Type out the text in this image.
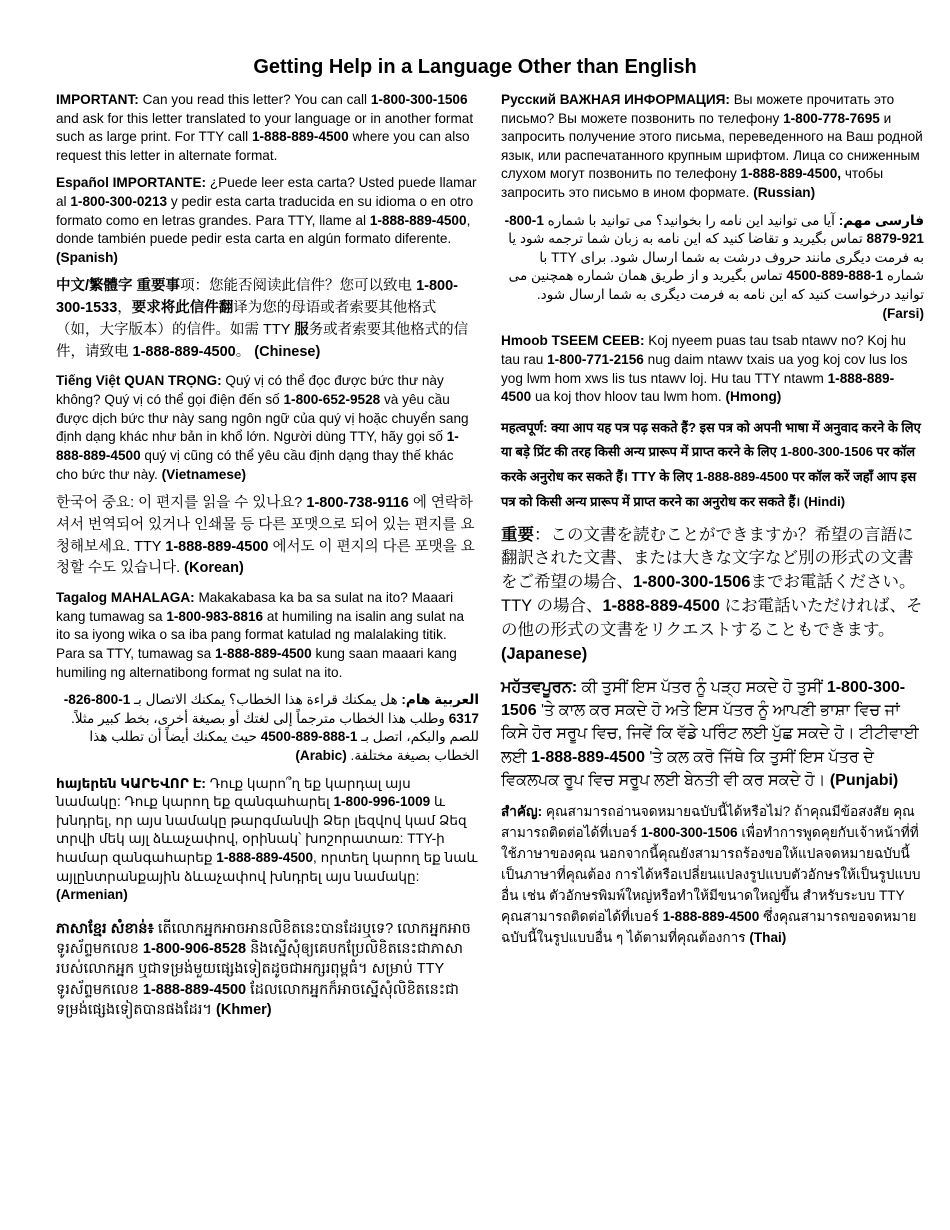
Getting Help in a Language Other than English
IMPORTANT: Can you read this letter? You can call 1-800-300-1506 and ask for this letter translated to your language or in another format such as large print. For TTY call 1-888-889-4500 where you can also request this letter in alternate format.
Español IMPORTANTE: ¿Puede leer esta carta? Usted puede llamar al 1-800-300-0213 y pedir esta carta traducida en su idioma o en otro formato como en letras grandes. Para TTY, llame al 1-888-889-4500, donde también puede pedir esta carta en algún formato diferente. (Spanish)
中文/繁體字 重要事项：您能否阅读此信件？您可以致电 1-800-300-1533，要求将此信件翻译为您的母语或者索要其他格式（如，大字版本）的信件。如需 TTY 服务或者索要其他格式的信件，请致电 1-888-889-4500。 (Chinese)
Tiếng Việt QUAN TRỌNG: Quý vị có thể đọc được bức thư này không? Quý vị có thể gọi điện đến số 1-800-652-9528 và yêu cầu được dịch bức thư này sang ngôn ngữ của quý vị hoặc chuyển sang định dạng khác như bản in khổ lớn. Người dùng TTY, hãy gọi số 1-888-889-4500 quý vị cũng có thể yêu cầu định dạng thay thế khác cho bức thư này. (Vietnamese)
한국어 중요: 이 편지를 읽을 수 있나요? 1-800-738-9116 에 연락하셔서 번역되어 있거나 인쇄물 등 다른 포맷으로 되어 있는 편지를 요청해보세요. TTY 1-888-889-4500 에서도 이 편지의 다른 포맷을 요청할 수도 있습니다. (Korean)
Tagalog MAHALAGA: Makakabasa ka ba sa sulat na ito? Maaari kang tumawag sa 1-800-983-8816 at humiling na isalin ang sulat na ito sa iyong wika o sa iba pang format katulad ng malalaking titik. Para sa TTY, tumawag sa 1-888-889-4500 kung saan maaari kang humiling ng alternatibong format ng sulat na ito.
العربية هام: هل يمكنك قراءة هذا الخطاب؟ يمكنك الاتصال بـ 1-800-826-6317 وطلب هذا الخطاب مترجماً إلى لغتك أو بصيغة أخرى، بخط كبير مثلاً. للصم والبكم، اتصل بـ 1-888-889-4500 حيث يمكنك أيضاً أن تطلب هذا الخطاب بصيغة مختلفة. (Arabic)
հայերեն ԿԱՐԵՎՈՐ Է: Դուք կարո՞ղ եք կարդալ այս նամակը: Դուք կարող եք զանգահարել 1-800-996-1009 և խնդրել, որ այս նամակը թարգմանվի Ձեր լեզվով կամ Ձեզ տրվի մեկ այլ ձևաչափով, օրինակ՝ խոշորատառ: TTY-ի համար զանգահարեք 1-888-889-4500, որտեղ կարող եք նաև այլընտրանքային ձևաչափով խնդրել այս նամակը: (Armenian)
ភាសាខ្មែរ សំខាន់៖ តើលោកអ្នកអាចអានលិខិតនេះបានដែរឬទេ? លោកអ្នកអាចទូរស័ព្ទមកលេខ 1-800-906-8528 និងស្នើសុំឲ្យគេបកប្រែលិខិតនេះជាភាសារបស់លោកអ្នក ឬជាទម្រង់មួយផ្សេងទៀតដូចជាអក្សរពុម្ពធំ។ សម្រាប់ TTY ទូរស័ព្ទមកលេខ 1-888-889-4500 ដែលលោកអ្នកក៏អាចស្នើសុំលិខិតនេះជាទម្រង់ផ្សេងទៀតបានផងដែរ។ (Khmer)
Русский ВАЖНАЯ ИНФОРМАЦИЯ: Вы можете прочитать это письмо? Вы можете позвонить по телефону 1-800-778-7695 и запросить получение этого письма, переведенного на Ваш родной язык, или распечатанного крупным шрифтом. Лица со сниженным слухом могут позвонить по телефону 1-888-889-4500, чтобы запросить это письмо в ином формате. (Russian)
فارسی مهم: آیا می توانید این نامه را بخوانید؟ می توانید با شماره 1-800-921-8879 تماس بگیرید و تقاضا کنید که این نامه به زبان شما ترجمه شود یا به فرمت دیگری مانند حروف درشت به شما ارسال شود. برای TTY با شماره 1-888-889-4500 تماس بگیرید و از طریق همان شماره همچنین می توانید درخواست کنید که این نامه به فرمت دیگری به شما ارسال شود. (Farsi)
Hmoob TSEEM CEEB: Koj nyeem puas tau tsab ntawv no? Koj hu tau rau 1-800-771-2156 nug daim ntawv txais ua yog koj cov lus los yog lwm hom xws lis tus ntawv loj. Hu tau TTY ntawm 1-888-889-4500 ua koj thov hloov tau lwm hom. (Hmong)
महत्वपूर्ण: क्या आप यह पत्र पढ़ सकते हैं? इस पत्र को अपनी भाषा में अनुवाद करने के लिए या बड़े प्रिंट की तरह किसी अन्य प्रारूप में प्राप्त करने के लिए 1-800-300-1506 पर कॉल करके अनुरोध कर सकते हैं। TTY के लिए 1-888-889-4500 पर कॉल करें जहाँ आप इस पत्र को किसी अन्य प्रारूप में प्राप्त करने का अनुरोध कर सकते हैं। (Hindi)
重要：この文書を読むことができますか？希望の言語に翻訳された文書、または大きな文字など別の形式の文書をご希望の場合、1-800-300-1506までお電話ください。TTY の場合、1-888-889-4500 にお電話いただければ、その他の形式の文書をリクエストすることもできます。(Japanese)
ਮਹੱਤਵਪੂਰਨ: ਕੀ ਤੁਸੀਂ ਇਸ ਪੱਤਰ ਨੂੰ ਪੜ੍ਹ ਸਕਦੇ ਹੋ ਤੁਸੀਂ 1-800-300-1506 'ਤੇ ਕਾਲ ਕਰ ਸਕਦੇ ਹੋ ਅਤੇ ਇਸ ਪੱਤਰ ਨੂੰ ਆਪਣੀ ਭਾਸ਼ਾ ਵਿਚ ਜਾਂ ਕਿਸੇ ਹੋਰ ਸਰੂਪ ਵਿਚ, ਜਿਵੇਂ ਕਿ ਵੱਡੇ ਪਰਿੰਟ ਲਈ ਪੁੱਛ ਸਕਦੇ ਹੋ। ਟੀਟੀਵਾਈ ਲਈ 1-888-889-4500 'ਤੇ ਕਲ ਕਰੋ ਜਿੱਥੇ ਕਿ ਤੁਸੀਂ ਇਸ ਪੱਤਰ ਦੇ ਵਿਕਲਪਕ ਰੂਪ ਵਿਚ ਸਰੂਪ ਲਈ ਬੇਨਤੀ ਵੀ ਕਰ ਸਕਦੇ ਹੋ। (Punjabi)
สำคัญ: คุณสามารถอ่านจดหมายฉบับนี้ได้หรือไม่? ถ้าคุณมีข้อสงสัย คุณสามารถติดต่อได้ที่เบอร์ 1-800-300-1506 เพื่อทำการพูดคุยกับเจ้าหน้าที่ที่ใช้ภาษาของคุณ นอกจากนี้คุณยังสามารถร้องขอให้แปลจดหมายฉบับนี้เป็นภาษาที่คุณต้อง การได้หรือเปลี่ยนแปลงรูปแบบตัวอักษรให้เป็นรูปแบบอื่น เช่น ตัวอักษรพิมพ์ใหญ่หรือทำให้มีขนาดใหญ่ขึ้น สำหรับระบบ TTY คุณสามารถติดต่อได้ที่เบอร์ 1-888-889-4500 ซึ่งคุณสามารถขอจดหมายฉบับนี้ในรูปแบบอื่น ๆ ได้ตามที่คุณต้องการ (Thai)
